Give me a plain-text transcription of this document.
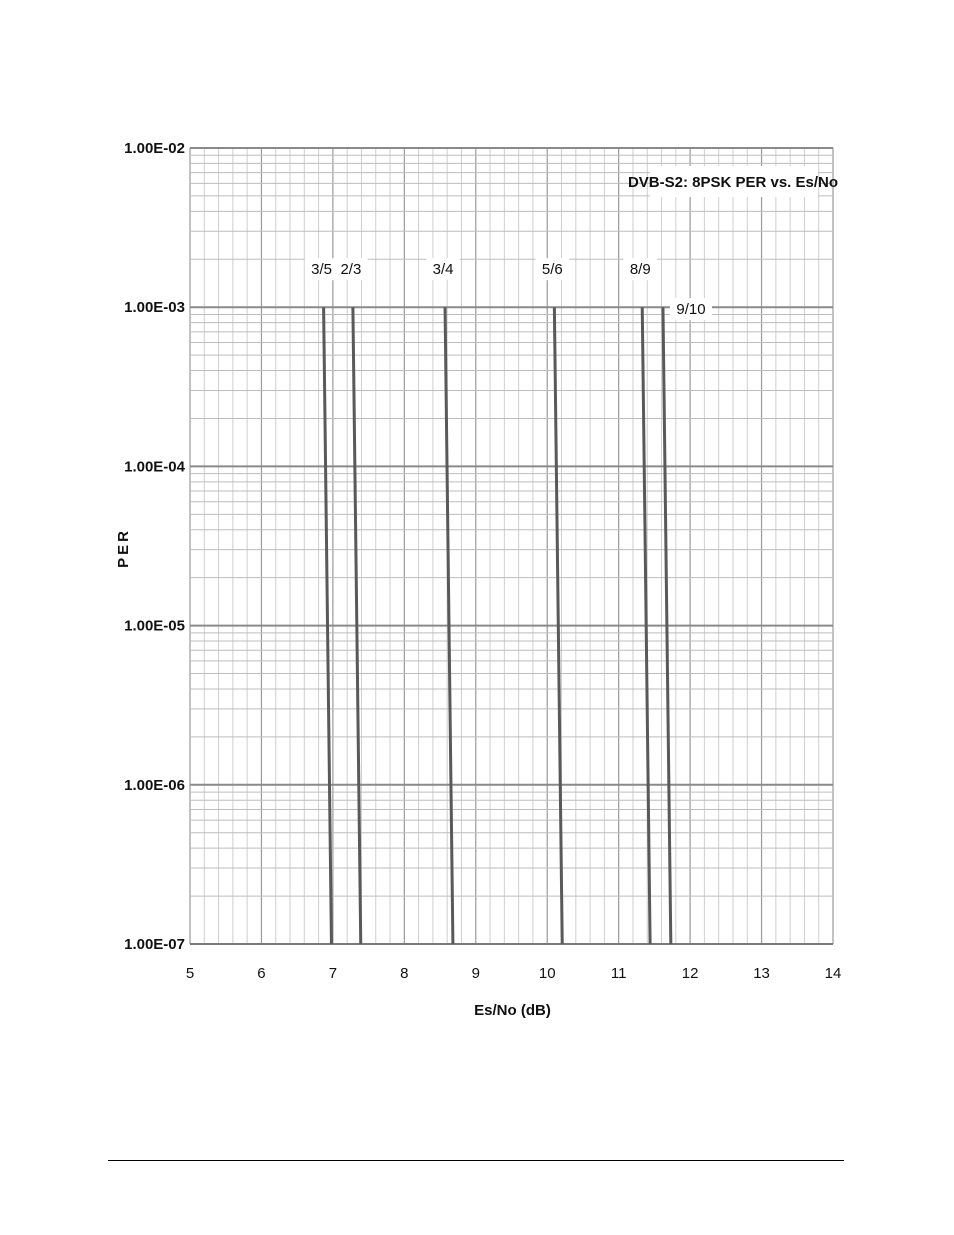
5	6	7	8	9	10	11	12	13	14
1.00E-02
1.00E-03
1.00E-04
1.00E-05
1.00E-06
1.00E-07
3/5 2/3	3/4	5/6	8/9
9/10
DVB-S2: 8PSK PER vs. Es/No
Es/No (dB)
PER
